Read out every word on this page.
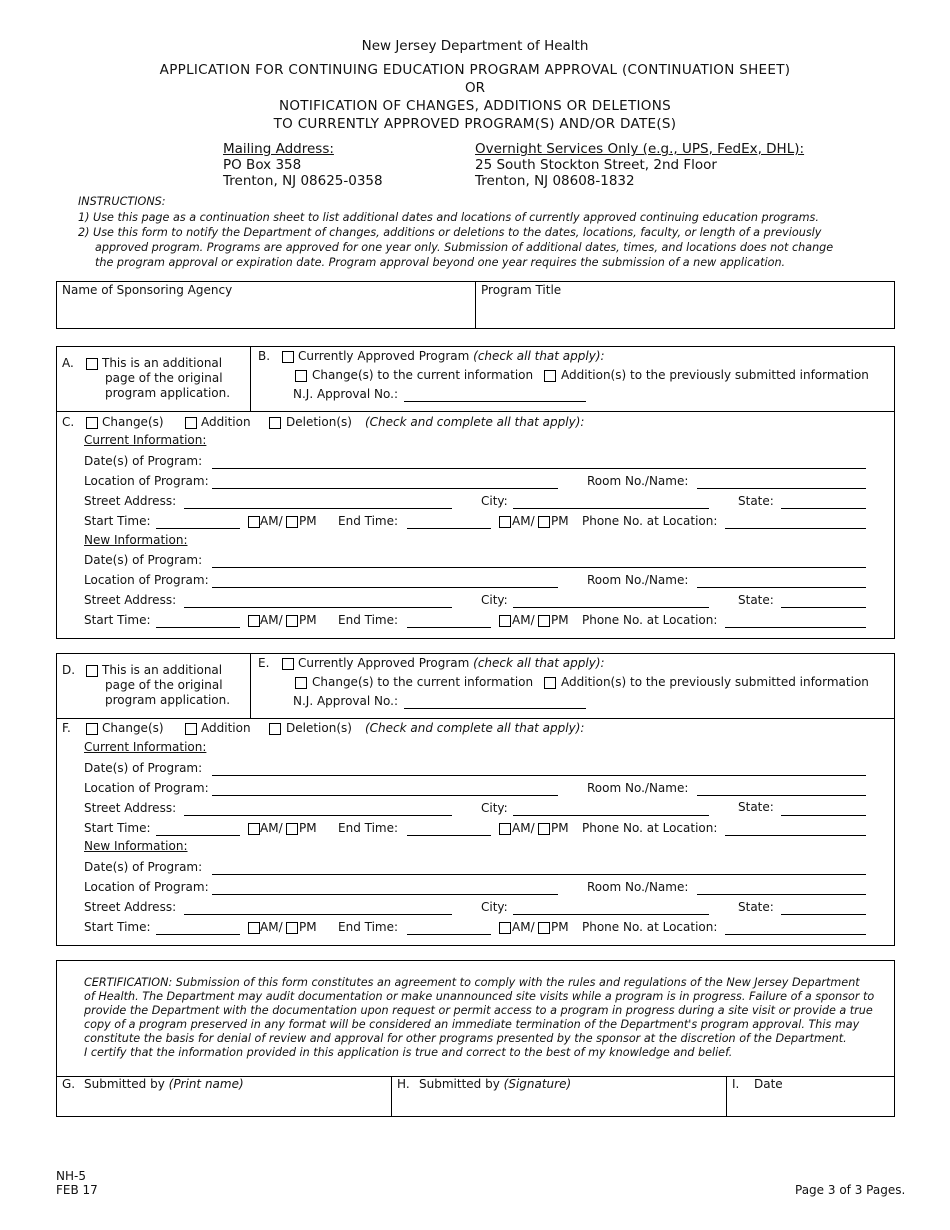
New Jersey Department of Health
APPLICATION FOR CONTINUING EDUCATION PROGRAM APPROVAL (CONTINUATION SHEET)
OR
NOTIFICATION OF CHANGES, ADDITIONS OR DELETIONS
TO CURRENTLY APPROVED PROGRAM(S) AND/OR DATE(S)
Mailing Address:
PO Box 358
Trenton, NJ 08625-0358
Overnight Services Only (e.g., UPS, FedEx, DHL):
25 South Stockton Street, 2nd Floor
Trenton, NJ 08608-1832
INSTRUCTIONS:
1) Use this page as a continuation sheet to list additional dates and locations of currently approved continuing education programs.
2) Use this form to notify the Department of changes, additions or deletions to the dates, locations, faculty, or length of a previously
approved program. Programs are approved for one year only. Submission of additional dates, times, and locations does not change
the program approval or expiration date. Program approval beyond one year requires the submission of a new application.
Name of Sponsoring Agency	Program Title
A. This is an additional
page of the original
program application.
B. Currently Approved Program (check all that apply):
Change(s) to the current information Addition(s) to the previously submitted information
N.J. Approval No.:
C. Change(s)	Addition	Deletion(s) (Check and complete all that apply):
Current Information:
Date(s) of Program:
Location of Program:	Room No./Name:
Street Address:	City:	State:
Start Time:	AM/ PM End Time:	AM/ PM Phone No. at Location:
New Information:
Date(s) of Program:
Location of Program:	Room No./Name:
Street Address:	City:	State:
Start Time:	AM/ PM End Time:	AM/ PM Phone No. at Location:
D. This is an additional
page of the original
program application.
E. Currently Approved Program (check all that apply):
Change(s) to the current information Addition(s) to the previously submitted information
N.J. Approval No.:
F.	Change(s)	Addition	Deletion(s) (Check and complete all that apply):
Current Information:
Date(s) of Program:
Location of Program:	Room No./Name:
Street Address:	City:	State:
Start Time:	AM/ PM End Time:	AM/ PM Phone No. at Location:
New Information:
Date(s) of Program:
Location of Program:	Room No./Name:
Street Address:	City:	State:
Start Time:	AM/ PM End Time:	AM/ PM Phone No. at Location:
CERTIFICATION: Submission of this form constitutes an agreement to comply with the rules and regulations of the New Jersey Department
of Health. The Department may audit documentation or make unannounced site visits while a program is in progress. Failure of a sponsor to
provide the Department with the documentation upon request or permit access to a program in progress during a site visit or provide a true
copy of a program preserved in any format will be considered an immediate termination of the Department's program approval. This may
constitute the basis for denial of review and approval for other programs presented by the sponsor at the discretion of the Department.
I certify that the information provided in this application is true and correct to the best of my knowledge and belief.
G. Submitted by (Print name)	H. Submitted by (Signature)	I. Date
NH-5
FEB 17	Page 3 of 3 Pages.
